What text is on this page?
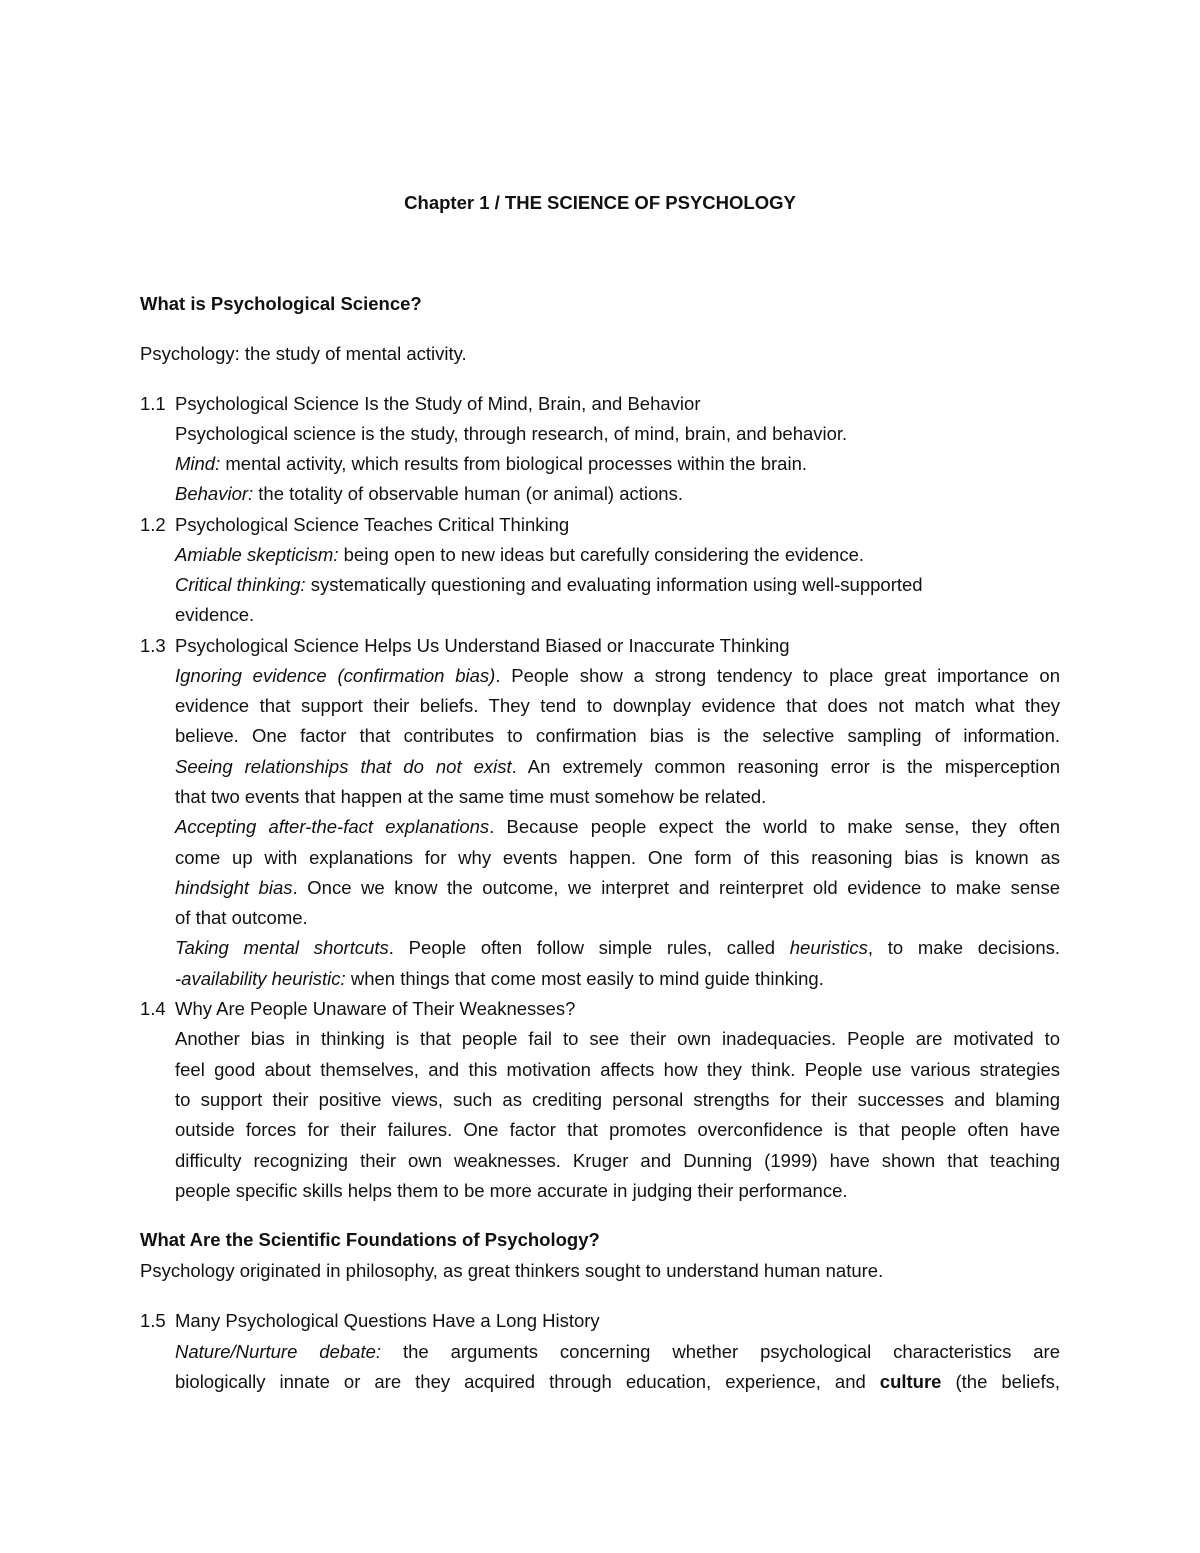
Chapter 1 / THE SCIENCE OF PSYCHOLOGY
What is Psychological Science?
Psychology: the study of mental activity.
1.1 Psychological Science Is the Study of Mind, Brain, and Behavior
Psychological science is the study, through research, of mind, brain, and behavior.
Mind: mental activity, which results from biological processes within the brain.
Behavior: the totality of observable human (or animal) actions.
1.2 Psychological Science Teaches Critical Thinking
Amiable skepticism: being open to new ideas but carefully considering the evidence.
Critical thinking: systematically questioning and evaluating information using well-supported
evidence.
1.3 Psychological Science Helps Us Understand Biased or Inaccurate Thinking
Ignoring evidence (confirmation bias). People show a strong tendency to place great importance on
evidence that support their beliefs. They tend to downplay evidence that does not match what they
believe. One factor that contributes to confirmation bias is the selective sampling of information.
Seeing relationships that do not exist. An extremely common reasoning error is the misperception
that two events that happen at the same time must somehow be related.
Accepting after-the-fact explanations. Because people expect the world to make sense, they often
come up with explanations for why events happen. One form of this reasoning bias is known as
hindsight bias. Once we know the outcome, we interpret and reinterpret old evidence to make sense
of that outcome.
Taking mental shortcuts. People often follow simple rules, called heuristics, to make decisions.
-availability heuristic: when things that come most easily to mind guide thinking.
1.4 Why Are People Unaware of Their Weaknesses?
Another bias in thinking is that people fail to see their own inadequacies. People are motivated to
feel good about themselves, and this motivation affects how they think. People use various strategies
to support their positive views, such as crediting personal strengths for their successes and blaming
outside forces for their failures. One factor that promotes overconfidence is that people often have
difficulty recognizing their own weaknesses. Kruger and Dunning (1999) have shown that teaching
people specific skills helps them to be more accurate in judging their performance.
What Are the Scientific Foundations of Psychology?
Psychology originated in philosophy, as great thinkers sought to understand human nature.
1.5 Many Psychological Questions Have a Long History
Nature/Nurture debate: the arguments concerning whether psychological characteristics are
biologically innate or are they acquired through education, experience, and culture (the beliefs,
